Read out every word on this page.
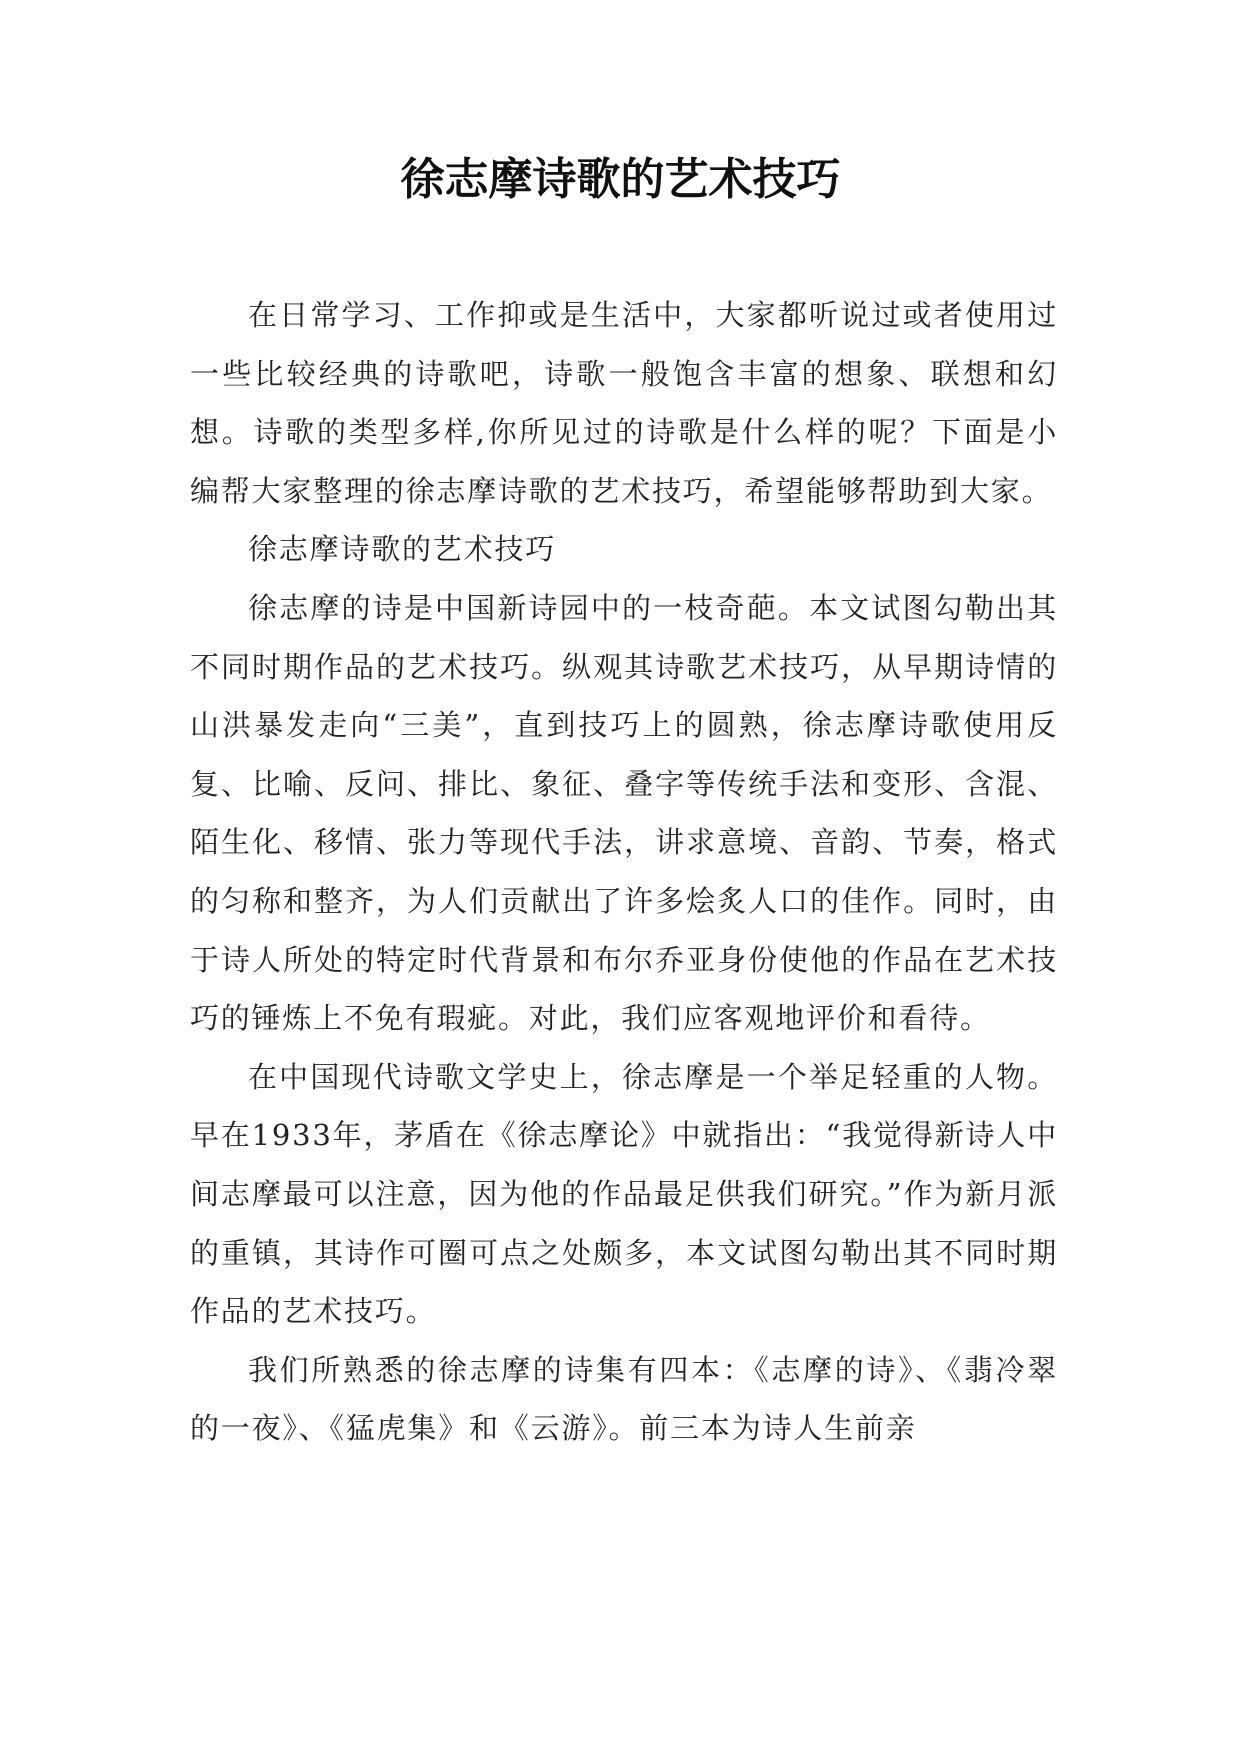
徐志摩诗歌的艺术技巧

在日常学习、工作抑或是生活中，大家都听说过或者使用过一些比较经典的诗歌吧，诗歌一般饱含丰富的想象、联想和幻想。诗歌的类型多样,你所见过的诗歌是什么样的呢？下面是小编帮大家整理的徐志摩诗歌的艺术技巧，希望能够帮助到大家。

徐志摩诗歌的艺术技巧

徐志摩的诗是中国新诗园中的一枝奇葩。本文试图勾勒出其不同时期作品的艺术技巧。纵观其诗歌艺术技巧，从早期诗情的山洪暴发走向“三美”，直到技巧上的圆熟，徐志摩诗歌使用反复、比喻、反问、排比、象征、叠字等传统手法和变形、含混、陌生化、移情、张力等现代手法，讲求意境、音韵、节奏，格式的匀称和整齐，为人们贡献出了许多烩炙人口的佳作。同时，由于诗人所处的特定时代背景和布尔乔亚身份使他的作品在艺术技巧的锤炼上不免有瑕疵。对此，我们应客观地评价和看待。

在中国现代诗歌文学史上，徐志摩是一个举足轻重的人物。早在1933年，茅盾在《徐志摩论》中就指出：“我觉得新诗人中间志摩最可以注意，因为他的作品最足供我们研究。”作为新月派的重镇，其诗作可圈可点之处颇多，本文试图勾勒出其不同时期作品的艺术技巧。

我们所熟悉的徐志摩的诗集有四本：《志摩的诗》、《翡冷翠的一夜》、《猛虎集》和《云游》。前三本为诗人生前亲
